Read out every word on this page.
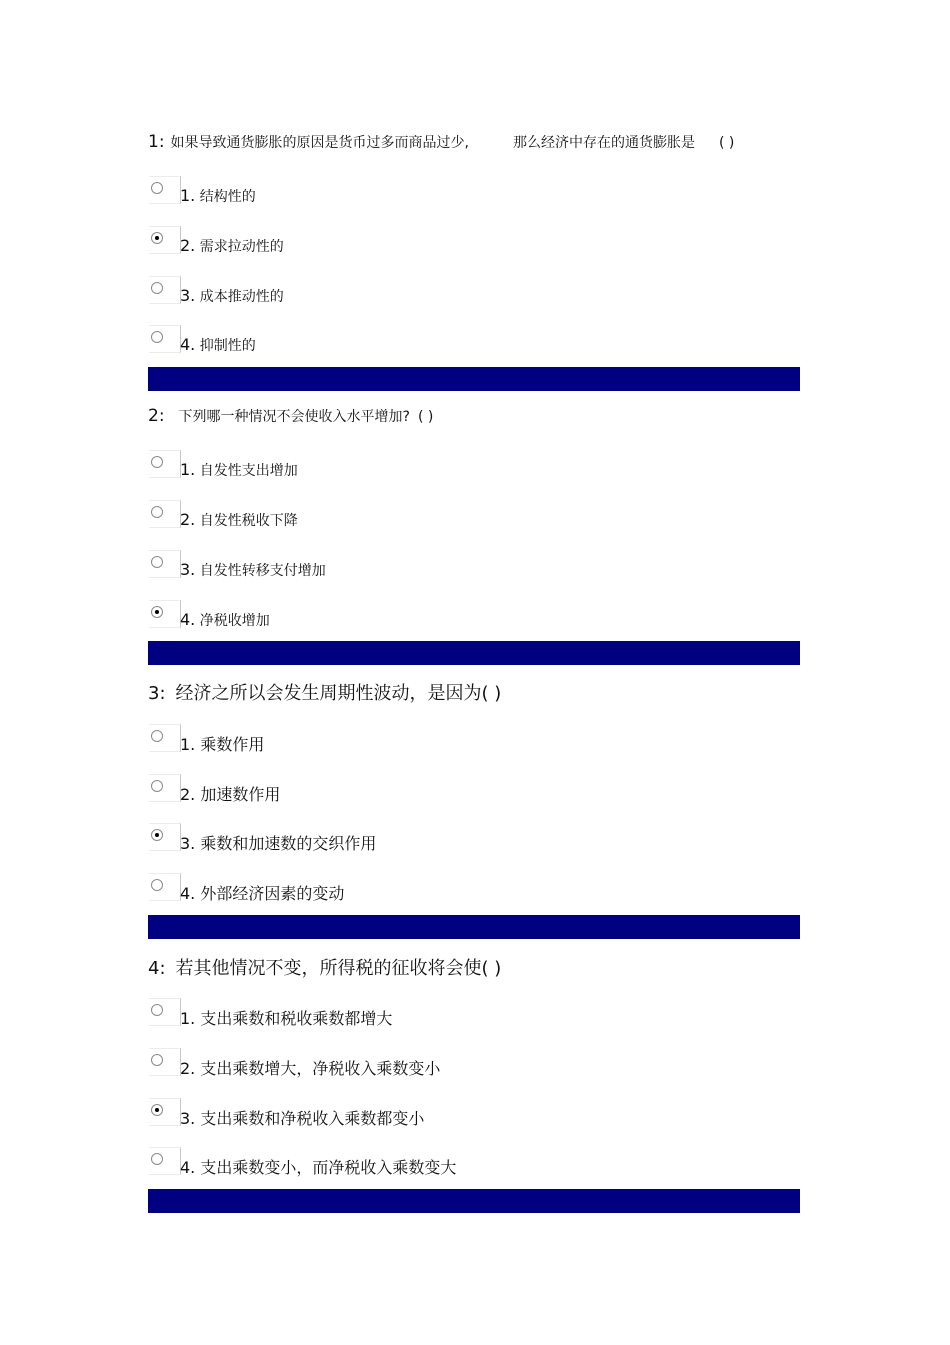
1: 如果导致通货膨胀的原因是货币过多而商品过少,	那么经济中存在的通货膨胀是 ( )
1. 结构性的
2. 需求拉动性的
3. 成本推动性的
4. 抑制性的
2: 下列哪一种情况不会使收入水平增加? ( )
1. 自发性支出增加
2. 自发性税收下降
3. 自发性转移支付增加
4. 净税收增加
3: 经济之所以会发生周期性波动，是因为( )
1. 乘数作用
2. 加速数作用
3. 乘数和加速数的交织作用
4. 外部经济因素的变动
4: 若其他情况不变，所得税的征收将会使( )
1. 支出乘数和税收乘数都增大
2. 支出乘数增大，净税收入乘数变小
3. 支出乘数和净税收入乘数都变小
4. 支出乘数变小，而净税收入乘数变大
